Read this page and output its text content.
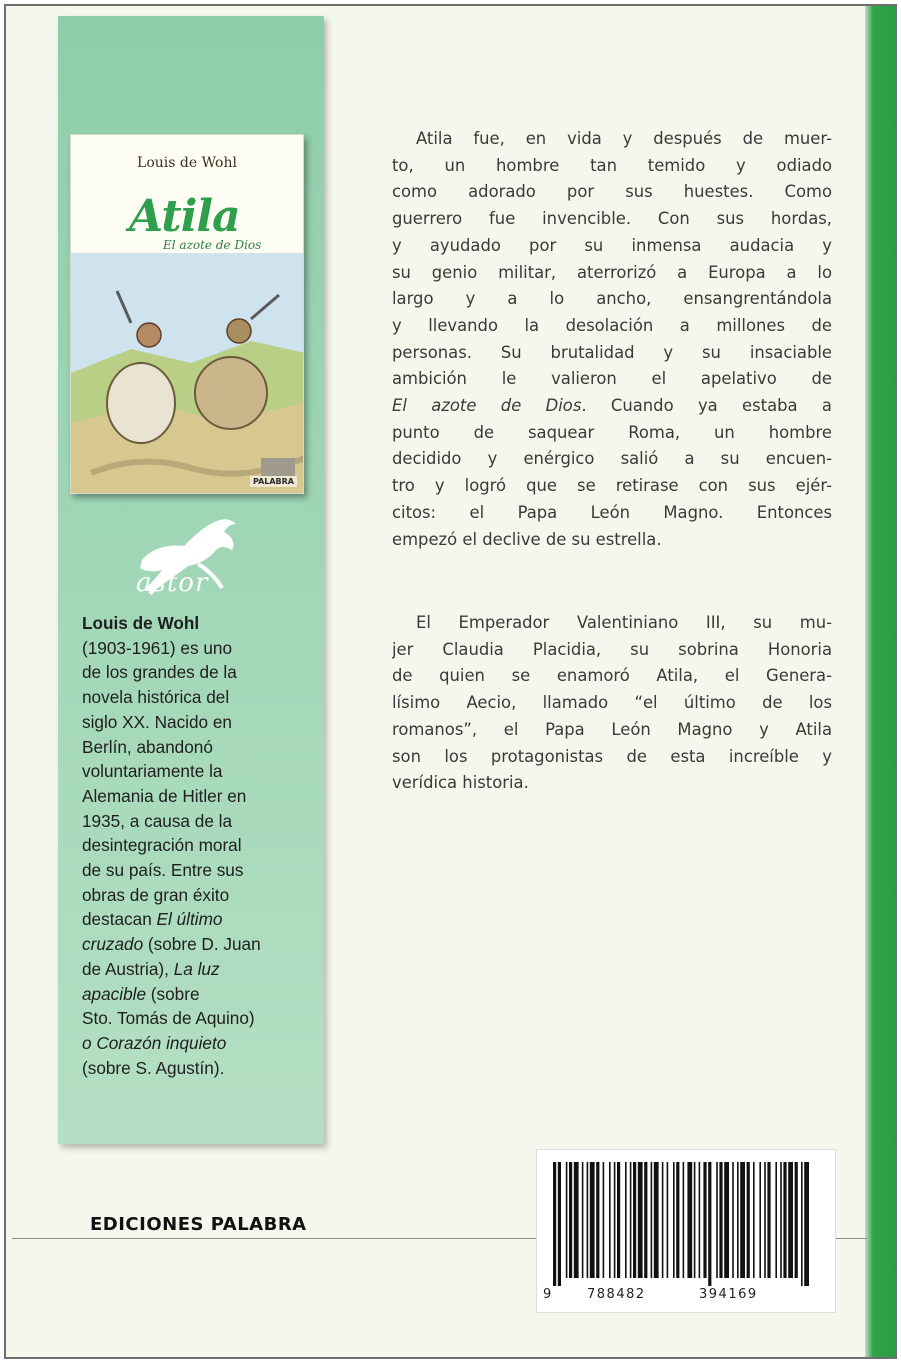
Louis de Wohl
Atila
El azote de Dios
PALABRA
astor
Louis de Wohl
(1903-1961) es uno
de los grandes de la
novela histórica del
siglo XX. Nacido en
Berlín, abandonó
voluntariamente la
Alemania de Hitler en
1935, a causa de la
desintegración moral
de su país. Entre sus
obras de gran éxito
destacan El último
cruzado (sobre D. Juan
de Austria), La luz
apacible (sobre
Sto. Tomás de Aquino)
o Corazón inquieto
(sobre S. Agustín).
Atila fue, en vida y después de muer-
to, un hombre tan temido y odiado
como adorado por sus huestes. Como
guerrero fue invencible. Con sus hordas,
y ayudado por su inmensa audacia y
su genio militar, aterrorizó a Europa a lo
largo y a lo ancho, ensangrentándola
y llevando la desolación a millones de
personas. Su brutalidad y su insaciable
ambición le valieron el apelativo de
El azote de Dios. Cuando ya estaba a
punto de saquear Roma, un hombre
decidido y enérgico salió a su encuen-
tro y logró que se retirase con sus ejér-
citos: el Papa León Magno. Entonces
empezó el declive de su estrella.
El Emperador Valentiniano III, su mu-
jer Claudia Placidia, su sobrina Honoria
de quien se enamoró Atila, el Genera-
lísimo Aecio, llamado “el último de los
romanos”, el Papa León Magno y Atila
son los protagonistas de esta increíble y
verídica historia.
EDICIONES PALABRA
9	788482	394169
